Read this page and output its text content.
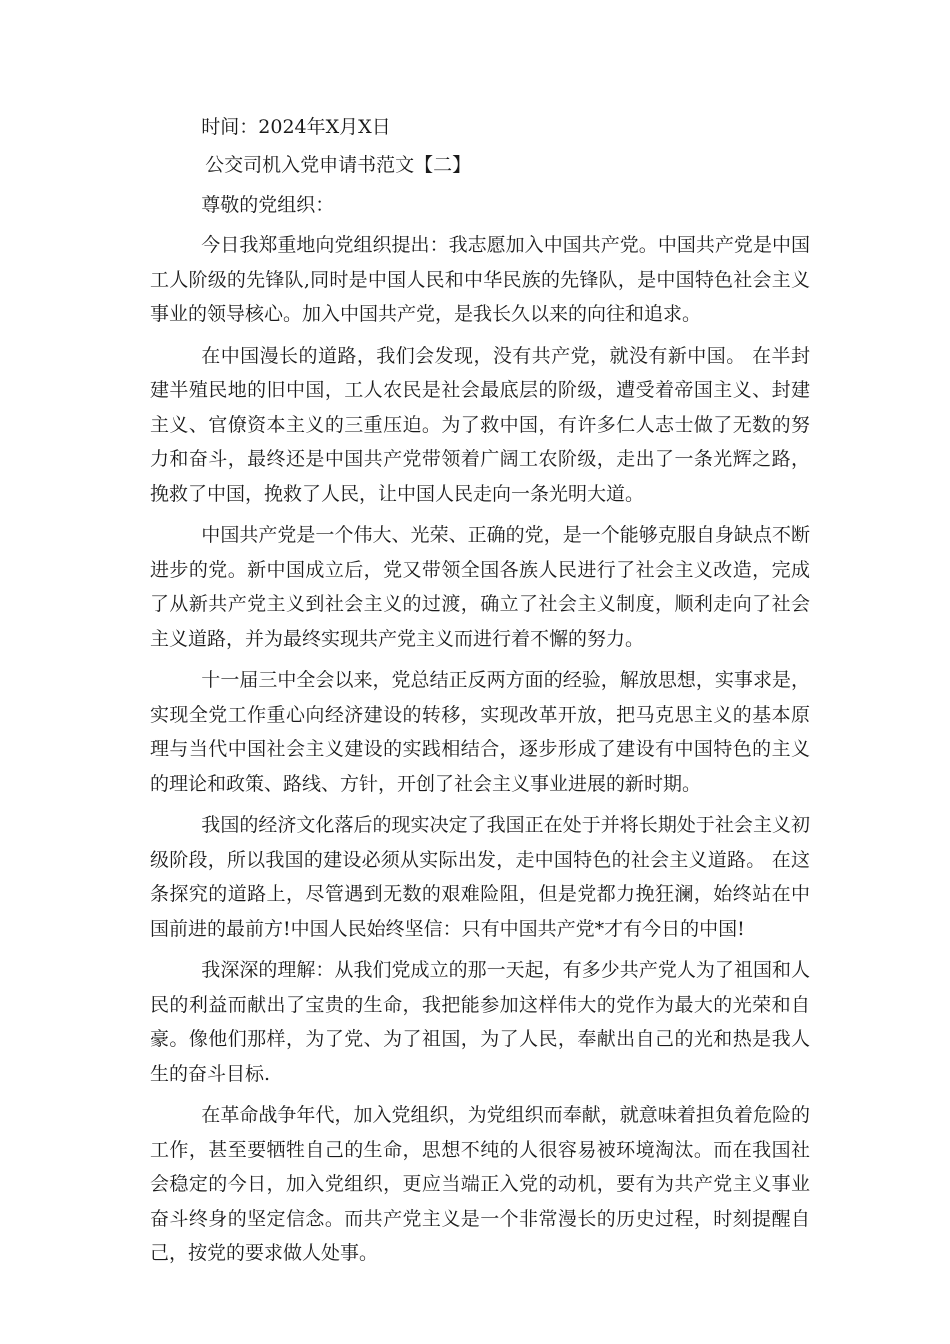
时间：2024年X月X日

公交司机入党申请书范文【二】

尊敬的党组织：

今日我郑重地向党组织提出：我志愿加入中国共产党。中国共产党是中国工人阶级的先锋队,同时是中国人民和中华民族的先锋队，是中国特色社会主义事业的领导核心。加入中国共产党，是我长久以来的向往和追求。

在中国漫长的道路，我们会发现，没有共产党，就没有新中国。 在半封建半殖民地的旧中国，工人农民是社会最底层的阶级，遭受着帝国主义、封建主义、官僚资本主义的三重压迫。为了救中国，有许多仁人志士做了无数的努力和奋斗，最终还是中国共产党带领着广阔工农阶级，走出了一条光辉之路，挽救了中国，挽救了人民，让中国人民走向一条光明大道。

中国共产党是一个伟大、光荣、正确的党，是一个能够克服自身缺点不断进步的党。新中国成立后，党又带领全国各族人民进行了社会主义改造，完成了从新共产党主义到社会主义的过渡，确立了社会主义制度，顺利走向了社会主义道路，并为最终实现共产党主义而进行着不懈的努力。

十一届三中全会以来，党总结正反两方面的经验，解放思想，实事求是，实现全党工作重心向经济建设的转移，实现改革开放，把马克思主义的基本原理与当代中国社会主义建设的实践相结合，逐步形成了建设有中国特色的主义的理论和政策、路线、方针，开创了社会主义事业进展的新时期。

我国的经济文化落后的现实决定了我国正在处于并将长期处于社会主义初级阶段，所以我国的建设必须从实际出发，走中国特色的社会主义道路。 在这条探究的道路上，尽管遇到无数的艰难险阻，但是党都力挽狂澜，始终站在中国前进的最前方!中国人民始终坚信：只有中国共产党*才有今日的中国!

我深深的理解：从我们党成立的那一天起，有多少共产党人为了祖国和人民的利益而献出了宝贵的生命，我把能参加这样伟大的党作为最大的光荣和自豪。像他们那样，为了党、为了祖国，为了人民，奉献出自己的光和热是我人生的奋斗目标.

在革命战争年代，加入党组织，为党组织而奉献，就意味着担负着危险的工作，甚至要牺牲自己的生命，思想不纯的人很容易被环境淘汰。而在我国社会稳定的今日，加入党组织，更应当端正入党的动机，要有为共产党主义事业奋斗终身的坚定信念。而共产党主义是一个非常漫长的历史过程，时刻提醒自己，按党的要求做人处事。
